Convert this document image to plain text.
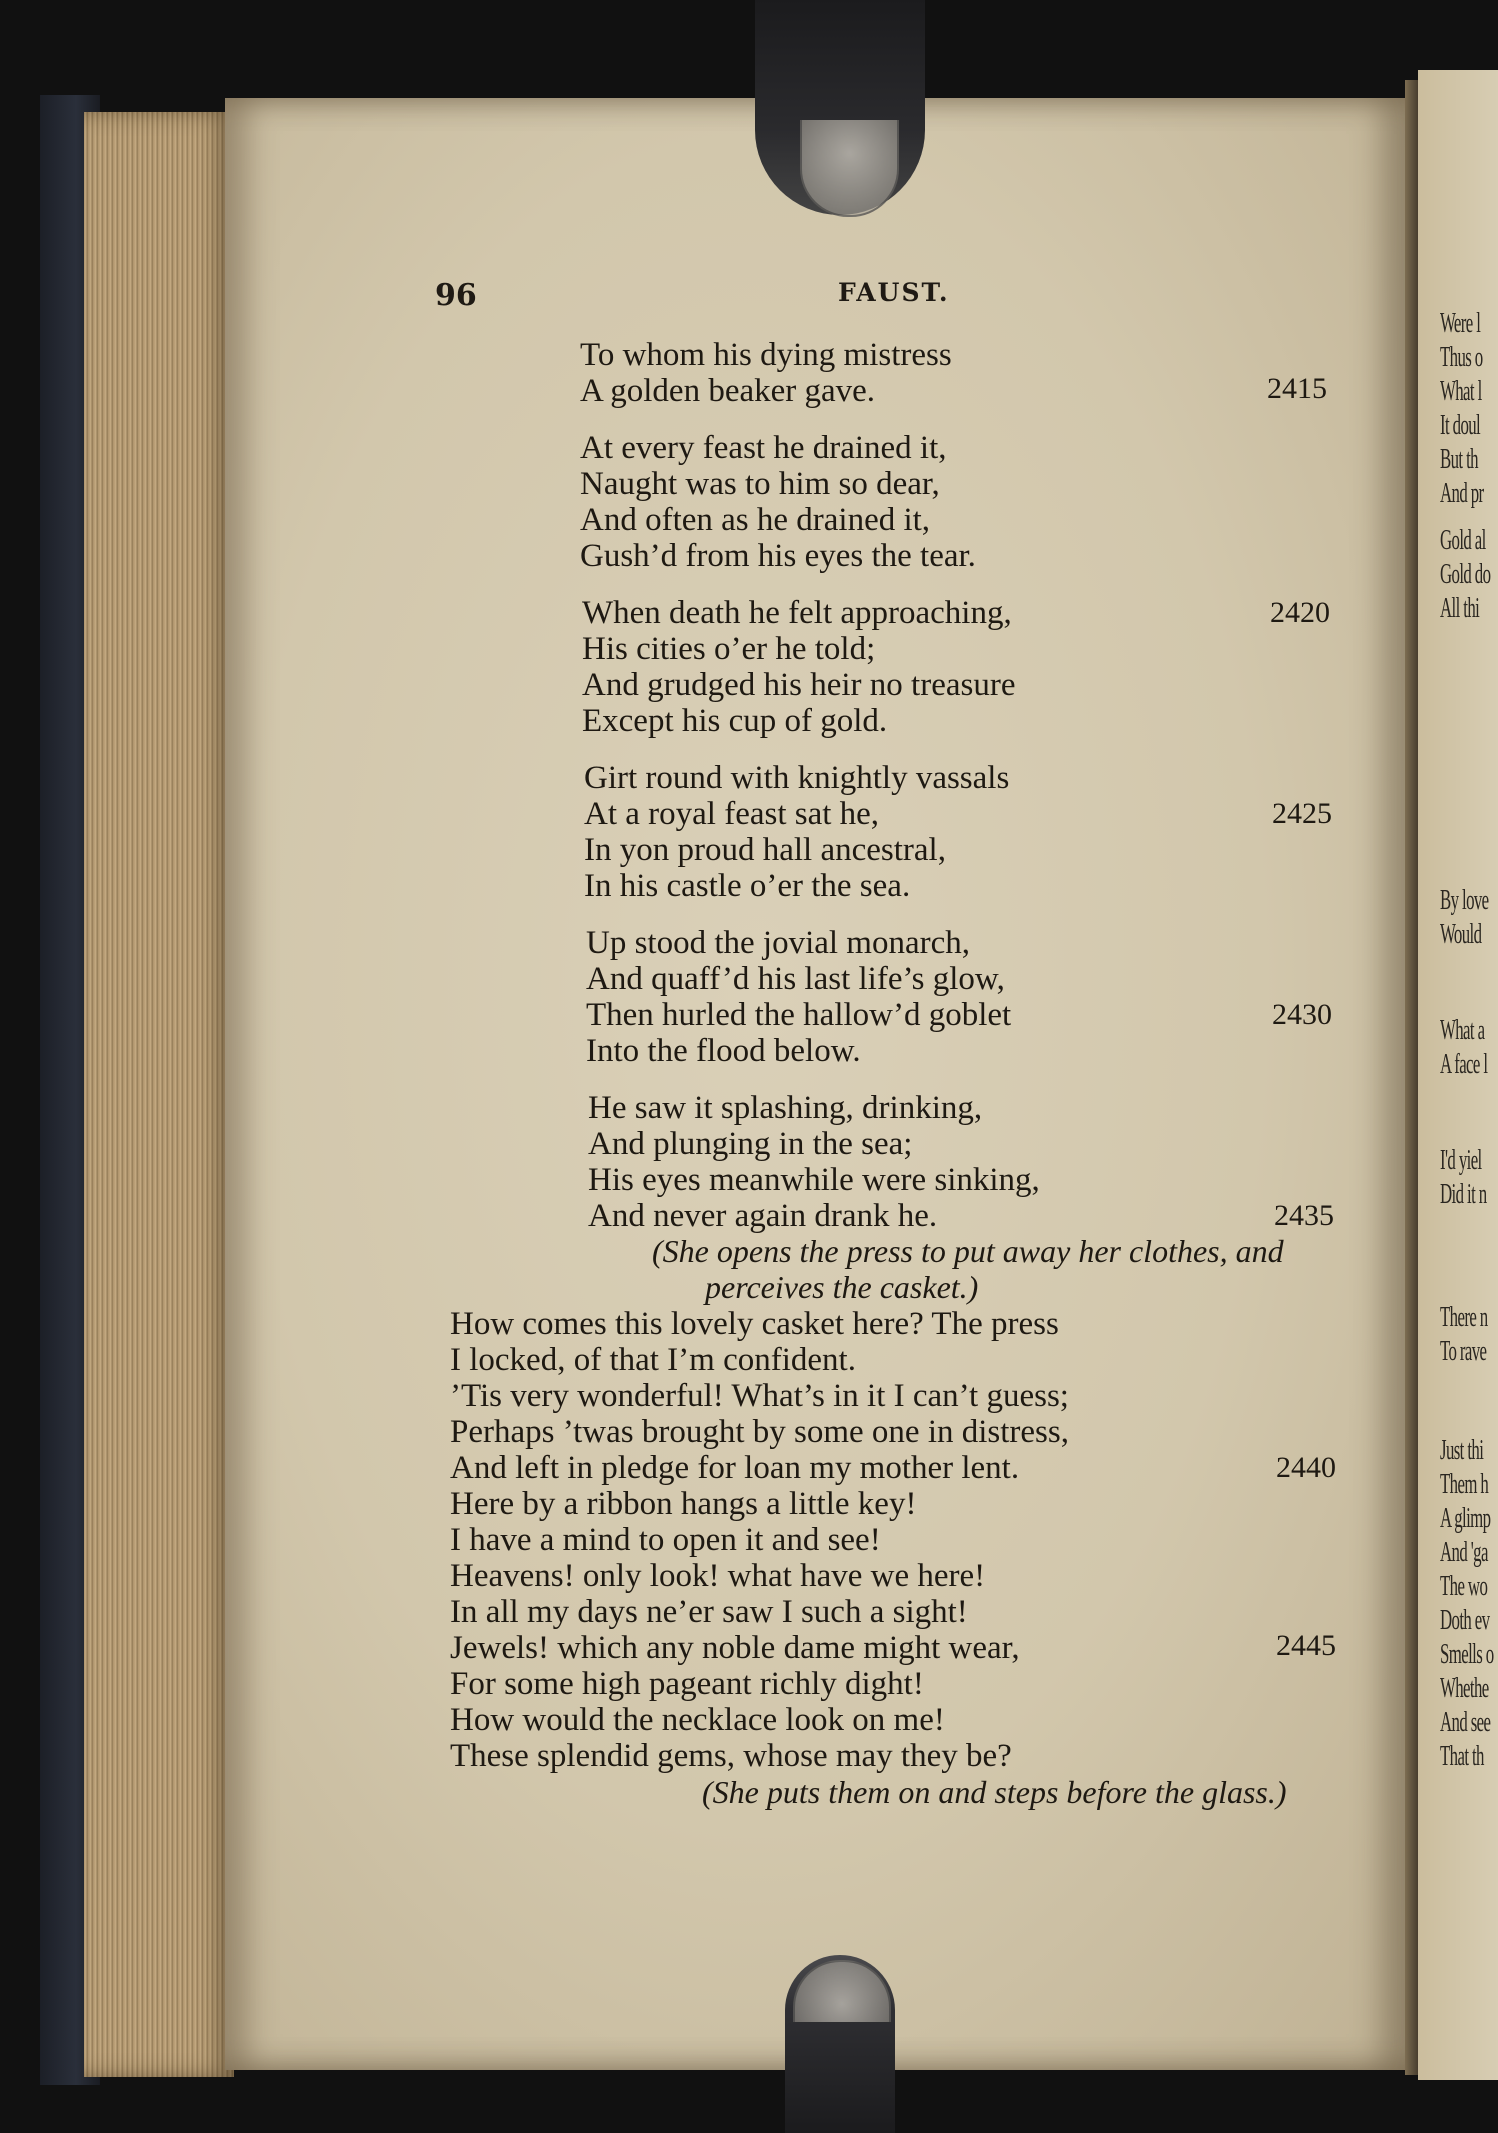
Were l
Thus o
What l
It doul
But th
And pr
Gold al
Gold do
All thi
By love
Would
What a
A face l
I'd yiel
Did it n
There n
To rave
Just thi
Them h
A glimp
And 'ga
The wo
Doth ev
Smells o
Whethe
And see
That th
96	FAUST.
To whom his dying mistress
A golden beaker gave.
At every feast he drained it,
Naught was to him so dear,
And often as he drained it,
Gush’d from his eyes the tear.
When death he felt approaching,
His cities o’er he told;
And grudged his heir no treasure
Except his cup of gold.
Girt round with knightly vassals
At a royal feast sat he,
In yon proud hall ancestral,
In his castle o’er the sea.
Up stood the jovial monarch,
And quaff’d his last life’s glow,
Then hurled the hallow’d goblet
Into the flood below.
He saw it splashing, drinking,
And plunging in the sea;
His eyes meanwhile were sinking,
And never again drank he.
2415
2420
2425
2430
2435
2440
2445
(She opens the press to put away her clothes, and
perceives the casket.)
How comes this lovely casket here? The press
I locked, of that I’m confident.
’Tis very wonderful! What’s in it I can’t guess;
Perhaps ’twas brought by some one in distress,
And left in pledge for loan my mother lent.
Here by a ribbon hangs a little key!
I have a mind to open it and see!
Heavens! only look! what have we here!
In all my days ne’er saw I such a sight!
Jewels! which any noble dame might wear,
For some high pageant richly dight!
How would the necklace look on me!
These splendid gems, whose may they be?
(She puts them on and steps before the glass.)
